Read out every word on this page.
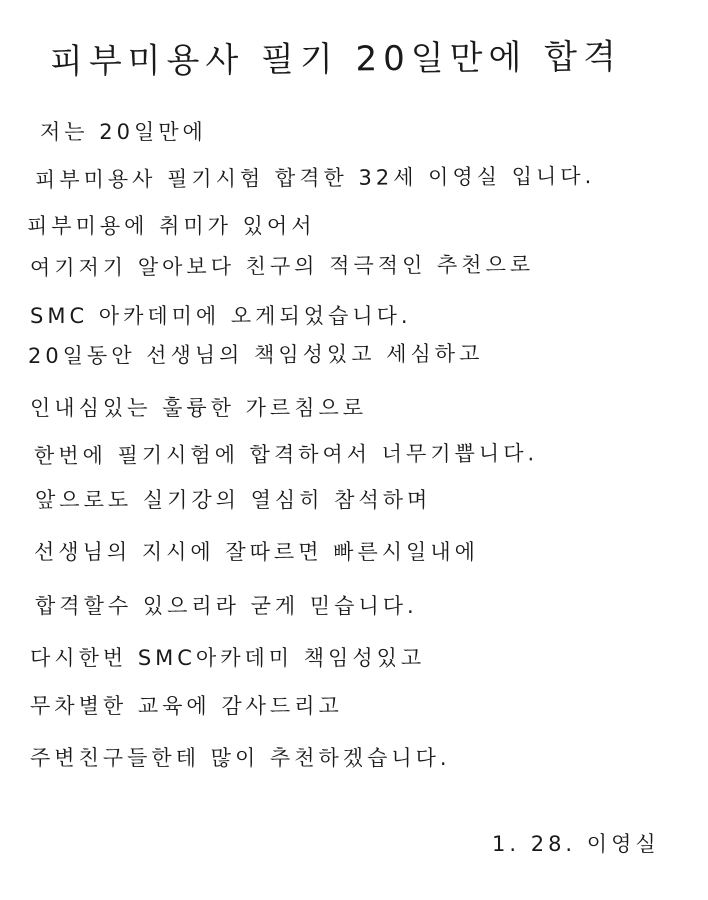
피부미용사 필기 20일만에 합격
저는 20일만에
피부미용사 필기시험 합격한 32세 이영실 입니다.
피부미용에 취미가 있어서
여기저기 알아보다 친구의 적극적인 추천으로
SMC 아카데미에 오게되었습니다.
20일동안 선생님의 책임성있고 세심하고
인내심있는 훌륭한 가르침으로
한번에 필기시험에 합격하여서 너무기쁩니다.
앞으로도 실기강의 열심히 참석하며
선생님의 지시에 잘따르면 빠른시일내에
합격할수 있으리라 굳게 믿습니다.
다시한번 SMC아카데미 책임성있고
무차별한 교육에 감사드리고
주변친구들한테 많이 추천하겠습니다.
1. 28. 이영실
